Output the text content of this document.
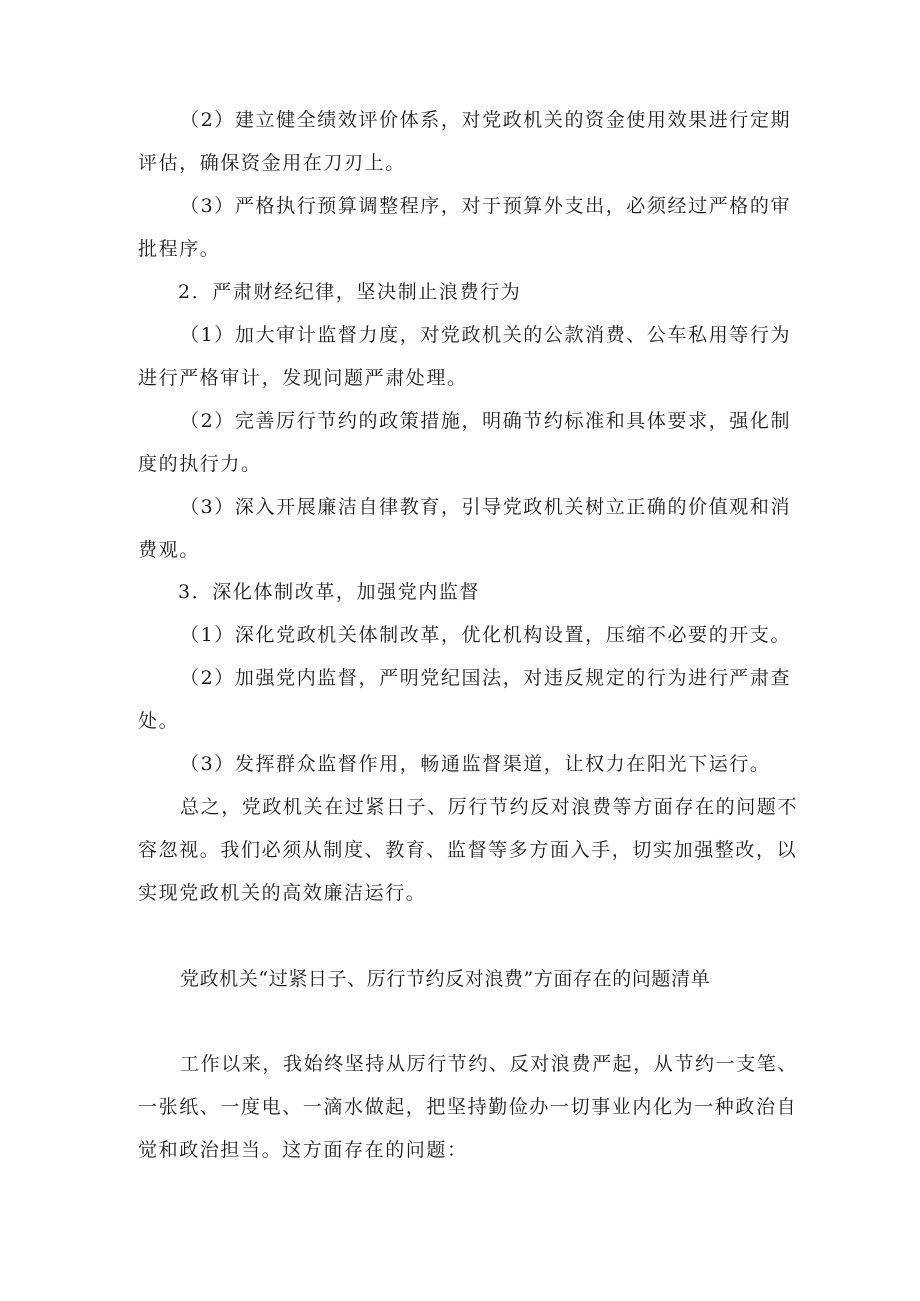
（2）建立健全绩效评价体系，对党政机关的资金使用效果进行定期
评估，确保资金用在刀刃上。
（3）严格执行预算调整程序，对于预算外支出，必须经过严格的审
批程序。
2．严肃财经纪律，坚决制止浪费行为
（1）加大审计监督力度，对党政机关的公款消费、公车私用等行为
进行严格审计，发现问题严肃处理。
（2）完善厉行节约的政策措施，明确节约标准和具体要求，强化制
度的执行力。
（3）深入开展廉洁自律教育，引导党政机关树立正确的价值观和消
费观。
3．深化体制改革，加强党内监督
（1）深化党政机关体制改革，优化机构设置，压缩不必要的开支。
（2）加强党内监督，严明党纪国法，对违反规定的行为进行严肃查
处。
（3）发挥群众监督作用，畅通监督渠道，让权力在阳光下运行。
总之，党政机关在过紧日子、厉行节约反对浪费等方面存在的问题不
容忽视。我们必须从制度、教育、监督等多方面入手，切实加强整改，以
实现党政机关的高效廉洁运行。
党政机关“过紧日子、厉行节约反对浪费”方面存在的问题清单
工作以来，我始终坚持从厉行节约、反对浪费严起，从节约一支笔、
一张纸、一度电、一滴水做起，把坚持勤俭办一切事业内化为一种政治自
觉和政治担当。这方面存在的问题：
